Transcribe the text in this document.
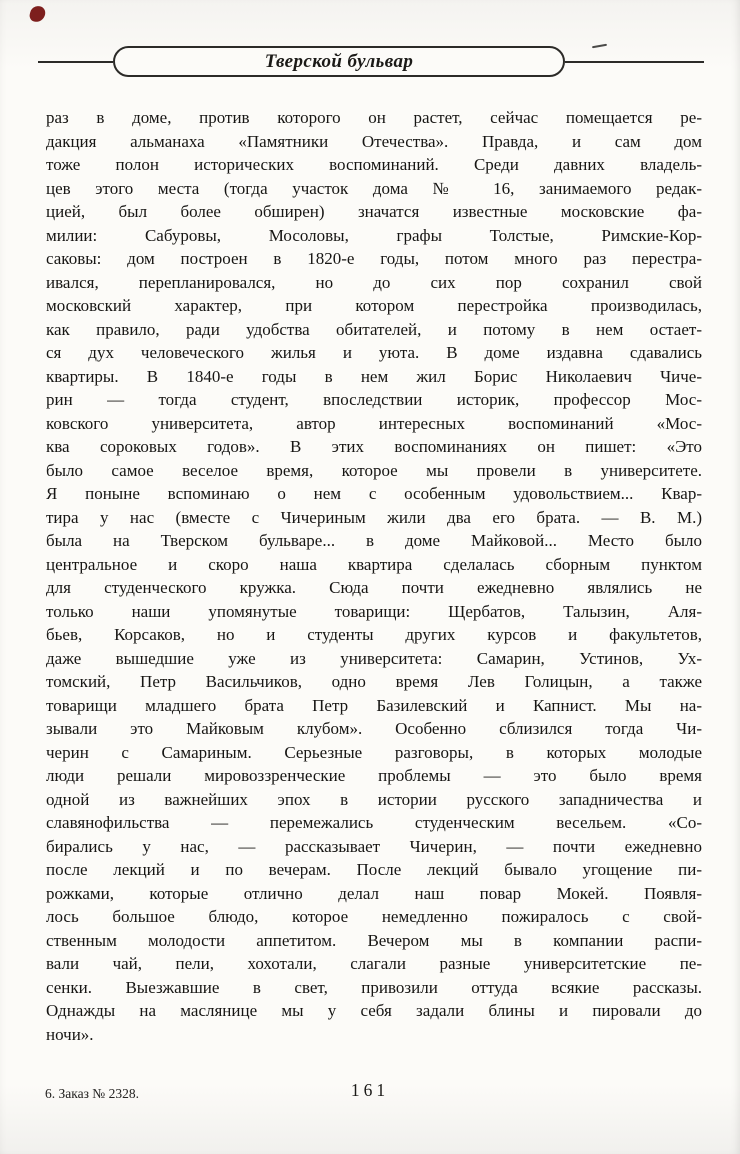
Тверской бульвар
раз в доме, против которого он растет, сейчас помещается ре-
дакция альманаха «Памятники Отечества». Правда, и сам дом
тоже полон исторических воспоминаний. Среди давних владель-
цев этого места (тогда участок дома № 16, занимаемого редак-
цией, был более обширен) значатся известные московские фа-
милии: Сабуровы, Мосоловы, графы Толстые, Римские-Кор-
саковы: дом построен в 1820-е годы, потом много раз перестра-
ивался, перепланировался, но до сих пор сохранил свой
московский характер, при котором перестройка производилась,
как правило, ради удобства обитателей, и потому в нем остает-
ся дух человеческого жилья и уюта. В доме издавна сдавались
квартиры. В 1840-е годы в нем жил Борис Николаевич Чиче-
рин — тогда студент, впоследствии историк, профессор Мос-
ковского университета, автор интересных воспоминаний «Мос-
ква сороковых годов». В этих воспоминаниях он пишет: «Это
было самое веселое время, которое мы провели в университете.
Я поныне вспоминаю о нем с особенным удовольствием... Квар-
тира у нас (вместе с Чичериным жили два его брата. — В. М.)
была на Тверском бульваре... в доме Майковой... Место было
центральное и скоро наша квартира сделалась сборным пунктом
для студенческого кружка. Сюда почти ежедневно являлись не
только наши упомянутые товарищи: Щербатов, Талызин, Аля-
бьев, Корсаков, но и студенты других курсов и факультетов,
даже вышедшие уже из университета: Самарин, Устинов, Ух-
томский, Петр Васильчиков, одно время Лев Голицын, а также
товарищи младшего брата Петр Базилевский и Капнист. Мы на-
зывали это Майковым клубом». Особенно сблизился тогда Чи-
черин с Самариным. Серьезные разговоры, в которых молодые
люди решали мировоззренческие проблемы — это было время
одной из важнейших эпох в истории русского западничества и
славянофильства — перемежались студенческим весельем. «Со-
бирались у нас, — рассказывает Чичерин, — почти ежедневно
после лекций и по вечерам. После лекций бывало угощение пи-
рожками, которые отлично делал наш повар Мокей. Появля-
лось большое блюдо, которое немедленно пожиралось с свой-
ственным молодости аппетитом. Вечером мы в компании распи-
вали чай, пели, хохотали, слагали разные университетские пе-
сенки. Выезжавшие в свет, привозили оттуда всякие рассказы.
Однажды на маслянице мы у себя задали блины и пировали до
ночи».
6. Заказ № 2328.	161
